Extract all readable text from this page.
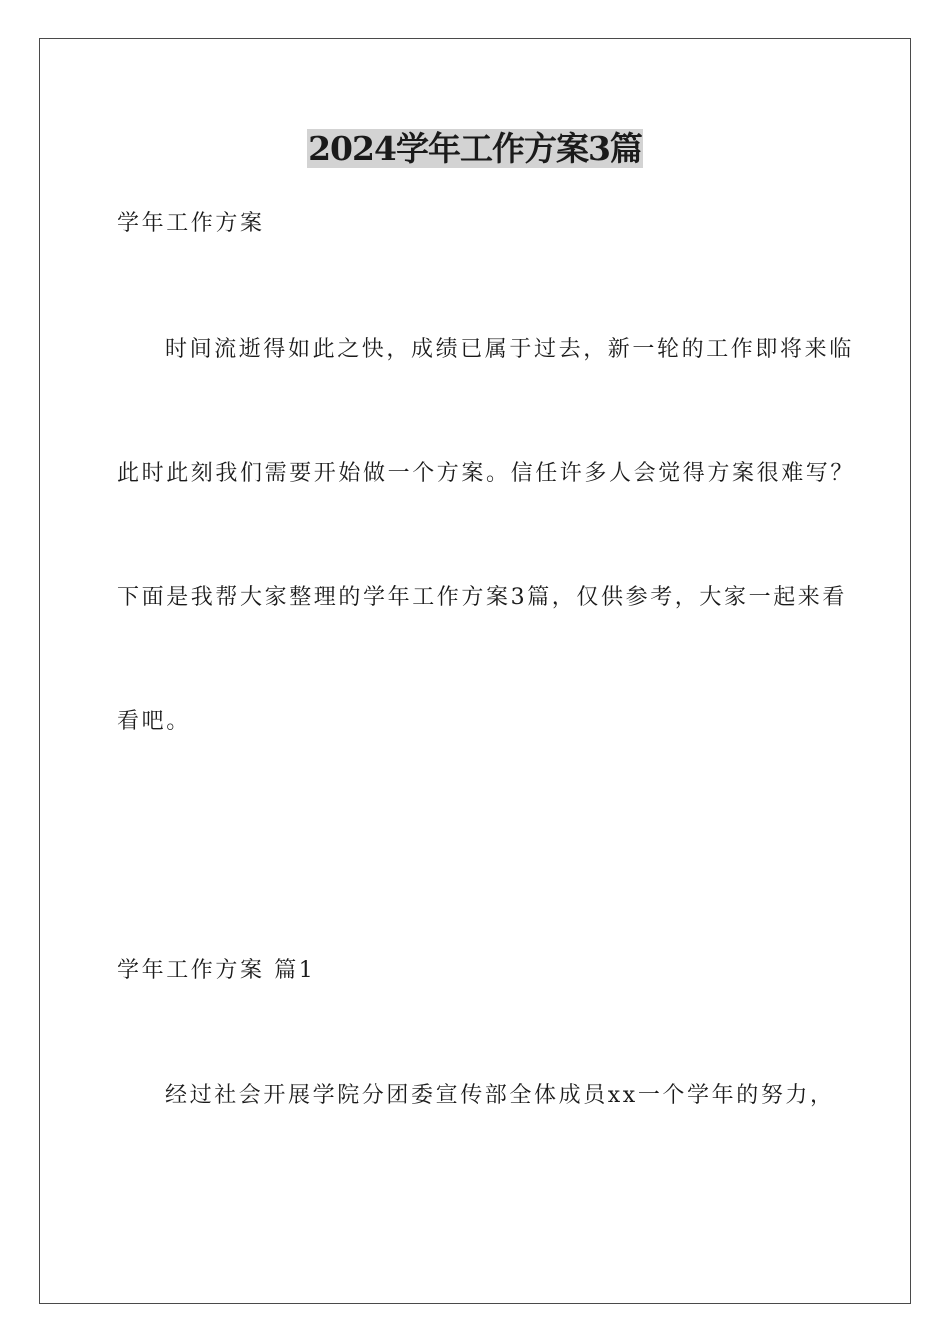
2024学年工作方案3篇
学年工作方案
时间流逝得如此之快，成绩已属于过去，新一轮的工作即将来临
此时此刻我们需要开始做一个方案。信任许多人会觉得方案很难写？
下面是我帮大家整理的学年工作方案3篇，仅供参考，大家一起来看
看吧。
学年工作方案 篇1
经过社会开展学院分团委宣传部全体成员xx一个学年的努力，
